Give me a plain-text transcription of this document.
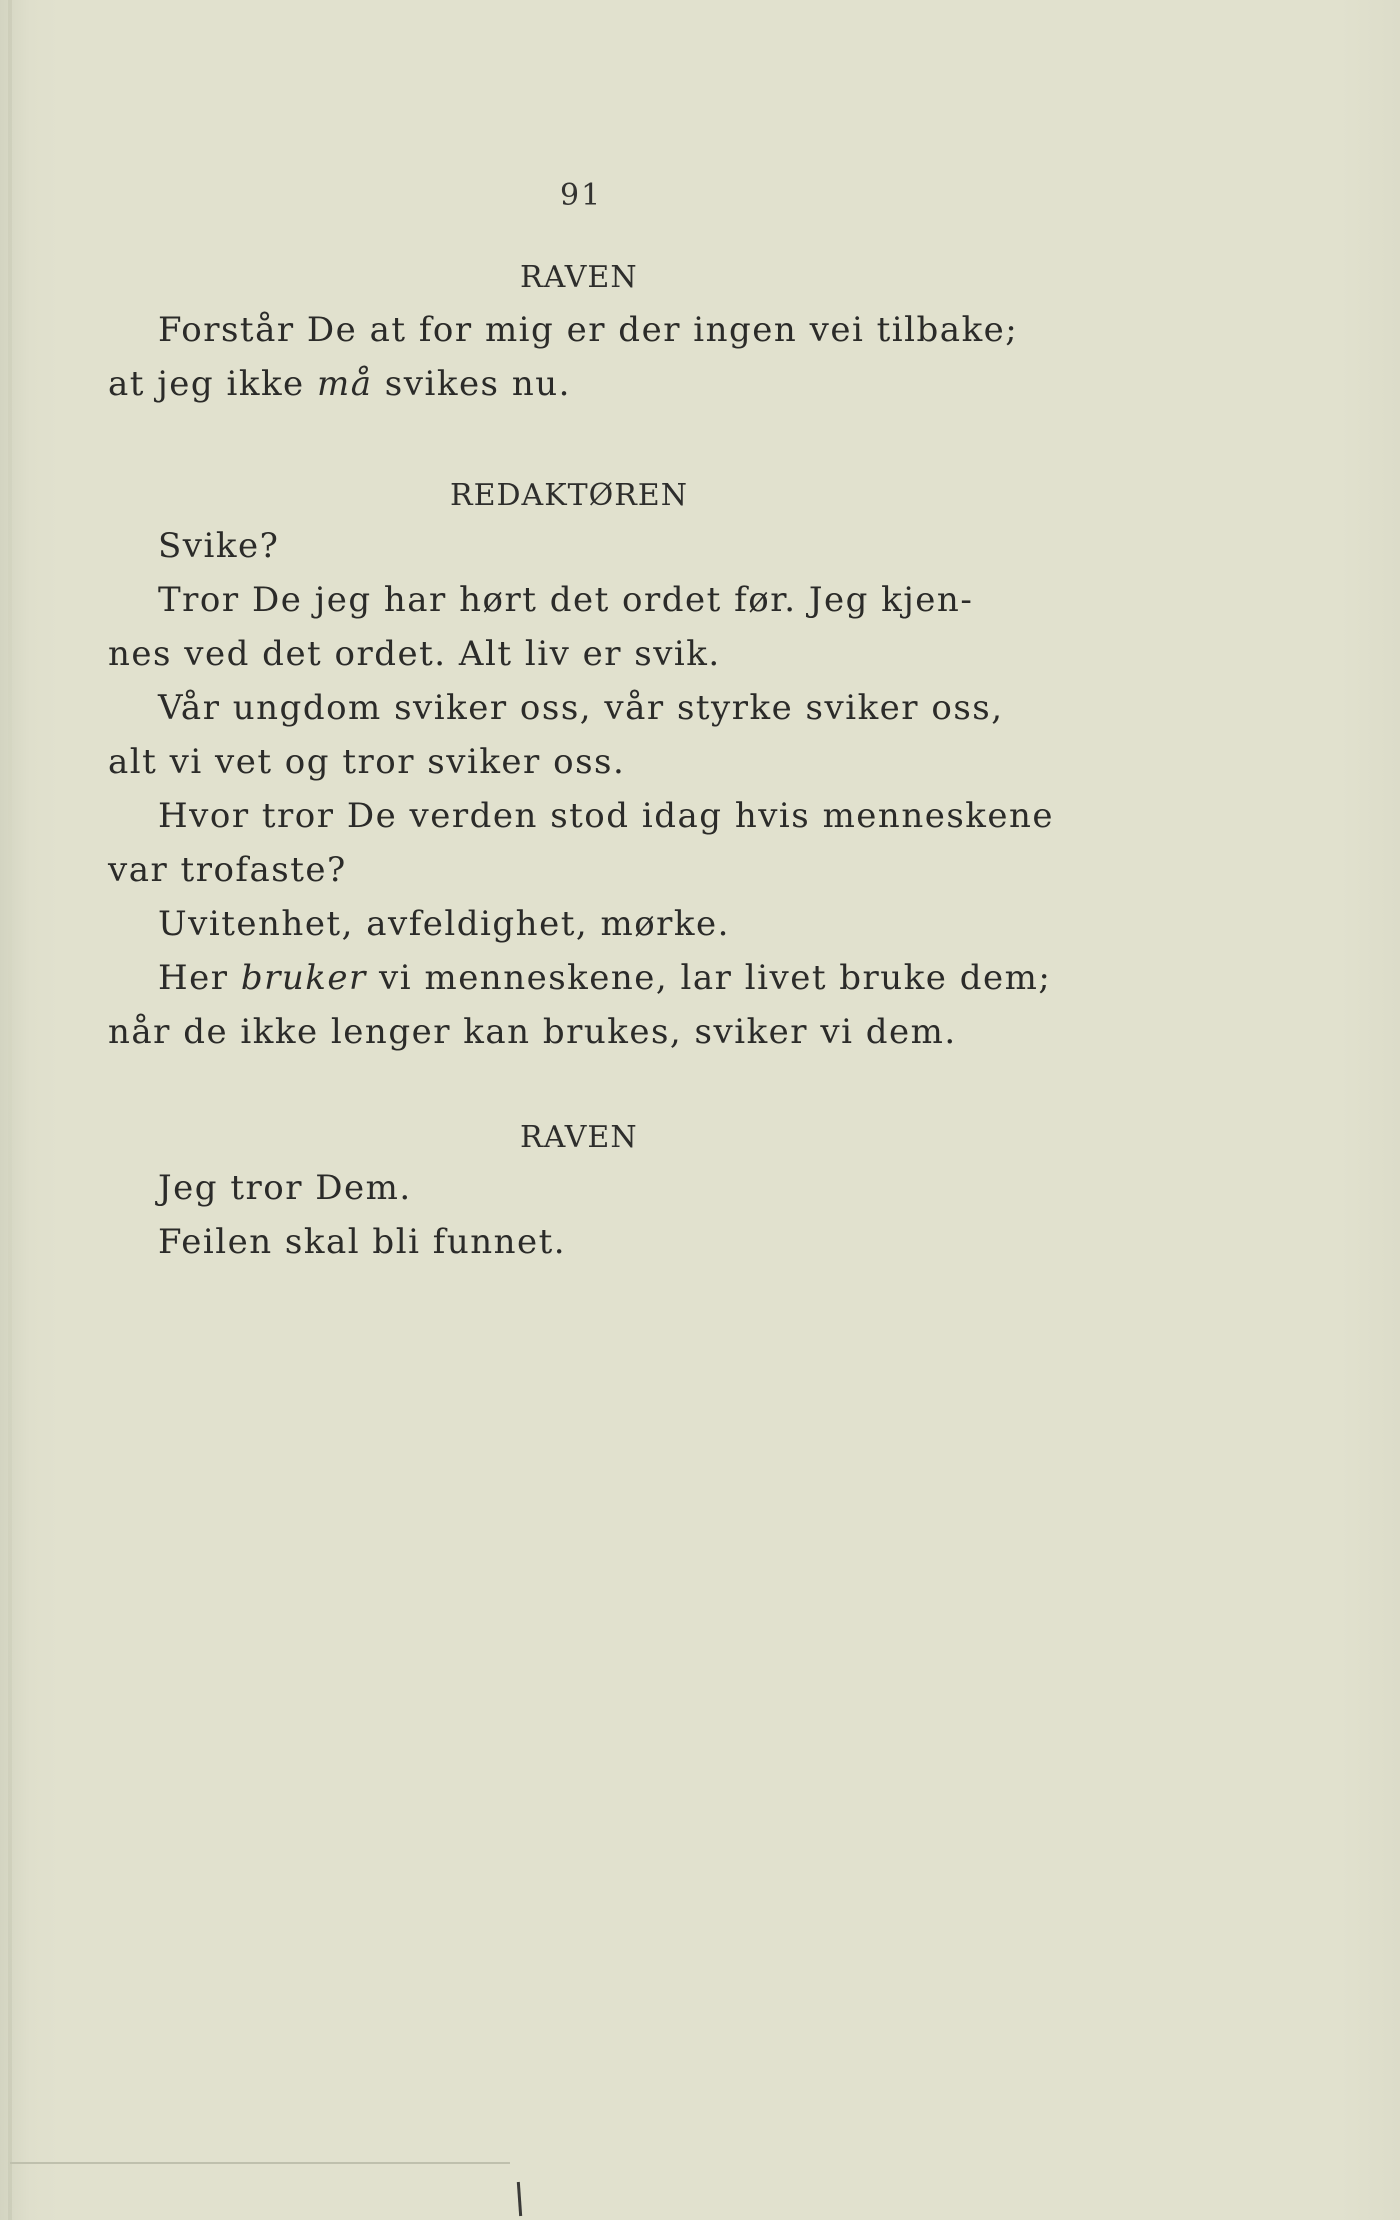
91
RAVEN
Forstår De at for mig er der ingen vei tilbake;
at jeg ikke må svikes nu.
REDAKTØREN
Svike?
Tror De jeg har hørt det ordet før. Jeg kjen-
nes ved det ordet. Alt liv er svik.
Vår ungdom sviker oss, vår styrke sviker oss,
alt vi vet og tror sviker oss.
Hvor tror De verden stod idag hvis menneskene
var trofaste?
Uvitenhet, avfeldighet, mørke.
Her bruker vi menneskene, lar livet bruke dem;
når de ikke lenger kan brukes, sviker vi dem.
RAVEN
Jeg tror Dem.
Feilen skal bli funnet.
